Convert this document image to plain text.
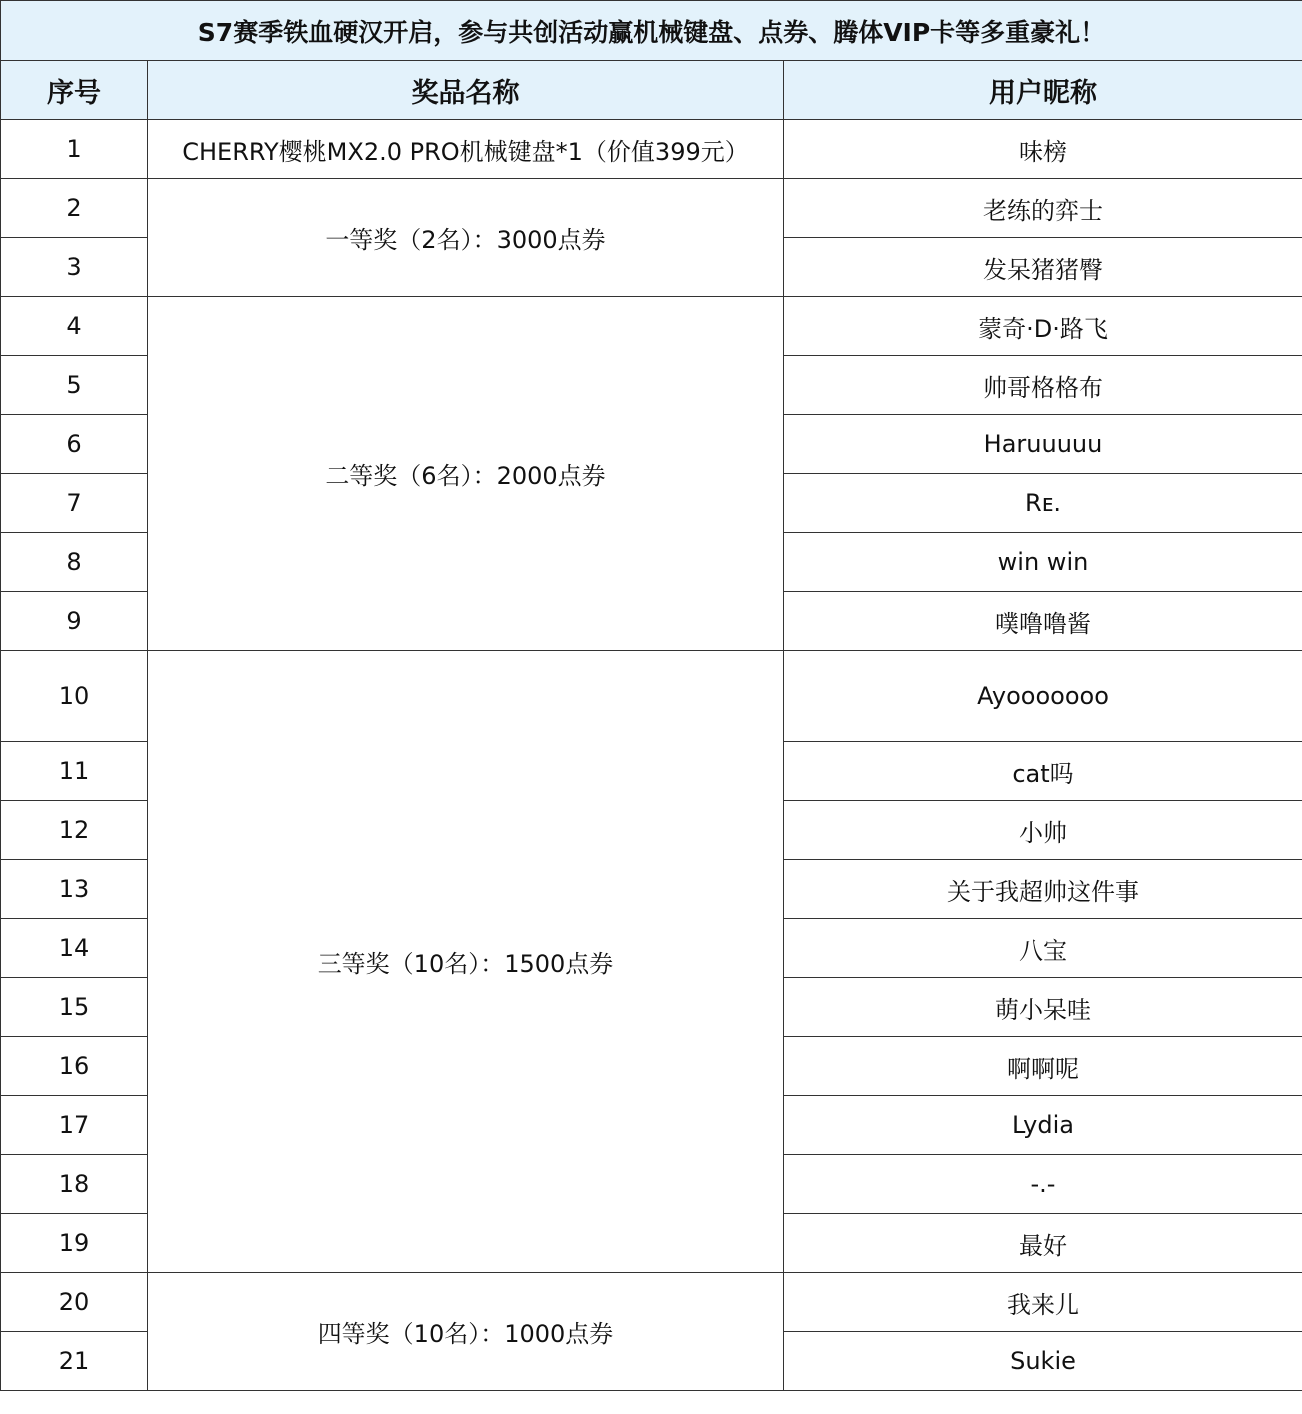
S7赛季铁血硬汉开启，参与共创活动赢机械键盘、点券、腾体VIP卡等多重豪礼！		
序号	奖品名称	用户昵称
1	CHERRY樱桃MX2.0 PRO机械键盘*1（价值399元）	味榜
2	一等奖（2名）：3000点券	老练的弈士
3		发呆猪猪臀
4	二等奖（6名）：2000点券	蒙奇·D·路飞
5		帅哥格格布
6		Haruuuuu
7		Rᴇ.
8		win win
9		噗噜噜酱
10	三等奖（10名）：1500点券	Ayooooooo
11		cat吗
12		小帅
13		关于我超帅这件事
14		八宝
15		萌小呆哇
16		啊啊呢
17		Lydia
18		-.-
19		最好
20	四等奖（10名）：1000点券	我来儿
21		Sukie
